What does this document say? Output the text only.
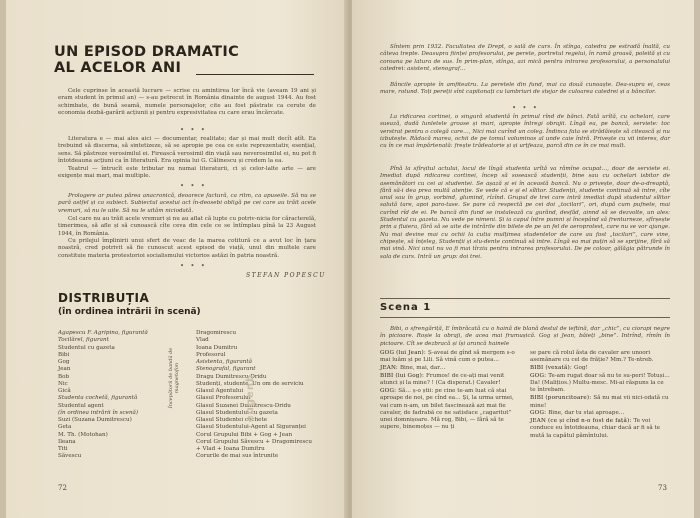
UN EPISOD DRAMATIC
AL ACELOR ANI
Cele cuprinse în această lucrare — scrise cu amintirea lor încă vie (aveam 19 ani și eram student în primul an) — s-au petrecut în România dinainte de august 1944. Au fost schimbate, de bună seamă, numele personajelor, cite au fost păstrate ca cerute de economia dezbă-garării acțiunii și pentru expresivitatea cu care erau încărcate.
• • •
Literatura e — mai ales aici — documentar, realitate; dar și mai mult decît atît. Ea trebuind să discerna, să sintetizeze, să se apropie pe cea ce este reprezentativ, esențial, sens. Să păstreze verosimilul ei. Firească verosimil din viață sau neverosimilul ei, nu pot fi întotdeauna acțiuni ca în literatură. Era opinia lui G. Călinescu și credem la ea.
Teatrul — întrucît este tributar nu numai literaturii, ci și celor-lalte arte — are exigențe mai mari, mai multiple.
• • •
Prologere ar putea părea anacronică, deoarece factură, ca ritm, ca apuseile. Să nu se pară astfel și ca subiect. Subiectul acestui act în-deosebi obligă pe cei care au trăit acele vremuri, să nu le uite. Să nu le uităm niciodată.
Cel care nu au trăit acele vremuri și nu au aflat că lupte cu potriv-nicia for căracterelă, timerimea, să afle și să cunoască cîte ceva din cele ce se întîmplau pînă la 23 August 1944, în România.
Cu prilejul împlinirii unui sfert de veac de la marea cotitură ce a avut loc în țara noastră, cred potrivit să fie cunoscut acest episod de viață, unul din multele care constituie materia protestorioi socialismului victorios astăzi în patria noastră.
• • •
STEFAN POPESCU
DISTRIBUȚIA
(în ordinea intrării în scenă)
Agapescu F. Agripina, figurantă
Tocilărel, figurant
Studentul cu gazeta
Bibi
Gog
Jean
Bob
Nic
Gică
Studenta cochetă, figurantă
Studentul agent
(în ordinea intrării în scenă)
Suzi (Suzana Dumitrescu)
Geta
M. Th. (Motohan)
Ileana
Titi
Săvescu
Începătorii de bandă de magnetofon
Dragomirescu
Vlad
Ioana Dumitru
Profesorul
Asistenta, figurantă
Stenografal, figurant
Dragu Dumitrescu-Dridu
Studenți, studente. Un om de serviciu
Glasul Agentului
Glasul Profesorului
Glasul Suzanei Dumitrescu-Dridu
Glasul Studentului cu gazeta
Glasul Studentei cochete
Glasul Studentului-Agent al Siguranței
Corul Grupului Bibi + Gog + Jean
Corul Grupului Săvescu + Dragomirescu
+ Vlad + Ioana Dumitru
Corurile de mai sus întrunite
eugenb
72
Sîntem prin 1932. Facultatea de Drept, o sală de curs. În stînga, catedra pe estradă înaltă, cu câteva trepte. Deasupra ființei profesorului, pe perete, portretul regelui, în ramă groasă, poleită și cu coroana pe latura de sus. În prim-plan, stînga, azi mică pentru intrarea profesorului, a personalului catedrei: asistent, stenograf…
Băncile apropie în amfiteatru. La peretele din fund, mai ca două cunoaște. Dea-supra ei, ceas mare, rotund. Toți pereții sînt capitonați cu lambriuri de stejar de culoarea catedrei și a băncilor.
• • •
La ridicarea cortinei, o singură studentă în primul rînd de bănci. Fată urîtă, cu ochelari, care suează, dudă lunletele groase și mari, apropie întregi obrajii. Lîngă ea, pe bancă, serviete: toc verstrat pentru o colegă care…, Nici mai curînd un coleg. Îndinca fata se strădăiește să citească și nu izbutește. Rădacă marea, ochii de pe tomul voluminos al unde caie întră. Privește cu vii interes, dar cu în ce mai împărtenată: frește trădeatorie și și urțfeaza, parcă din ce în ce mai mult.
Pînă la sfîrșitul actului, locul de lîngă studenta urîtă va rămîne ocupat…, doar de serviete ei. Imediat după ridicarea cortinei, încep să sosească studenții, bine sau cu ochelari isbitor de asemănători cu cei ai studentei. Se așază și ei în această bancă. Nu o privește, doar de-a-dreaptă, fără să-i dea prea multă atenție. Se vede că e și el sîlitor. Studenții, studente continuă să intre, cîte unul sau în grup, vorbind, glumind, rîzînd. Grupul de trei care intră imediat după studentul sîlitor salută tare, apoi paro-tase. Se pare că respectă pe cei doi „tocilari”, ori, după cum pufnete, mai curînd rîd de ei. Pe bancă din fund se instalează cu gurănd, desfăd, ainnd să se dezvolte, un ales: Studentul cu gazeta. Nu vede pe nimeni. Și ia capul între pumni și începând să frenturneze, sfîrșește prin a fluiera, fără să se uite de intrările din bilete de pe un fel de aeroprotest, care nu se vor ajunge. Nu mai devine mai cu ochii la cutia mulțimea studentelor de care au fost „tocilari”, care vine, chipește, să înțeleg, Studenții și stu-dente continuă să intre. Lîngă ea mai puțin să se sprijine, fără să mai vină. Nici unul nu va fi mai tîrziu pentru intrarea profesorului. De pe coloar, gălăgia pătrunde în sala de curs. Intră un grup: doi trei.
Scena 1
Bibi, o sfrengăriță, E îmbrăcată cu o haină de blană destul de ieftină, dar „chic”, cu ciorapi negre în picioare. Roșie la obraji, de acea mai frumușică. Gog și Jean, băieți „bine”. Intrînd, rîmîn în picioare. Cît se dezbracă și își aruncă hainele
GOG (lui Jean): Ș-aveai de gînd să mergem s-o mai luăm și pe Lili. Să vină cum o putea…
JEAN: Bine, mai, dar…
BIBI (lui Gog): Frumos! de ce-ați mai venit atunci și la mine? ! (Ca disperat.) Cavaler!
GOG: Să… ș-o știi: pe cine te-am luat că stai aproape de noi, pe cînd ea… Și, la urma urmei, vai cum n-am, un bilet fascinează azi mai fie cavaler, de fadrabă ce ne satisface „cagaritut” unei domnișoare. Mă rog, Bibi, — fără să te supere, binemoțes — nu ți
se pare că rolul ăsta de cavaler are unoori asemănare cu cel de frăție? Mm.? Te-ntreb.
BIBI (vexată): Gog!
GOG: Te-am rugat doar să nu te su-peri! Totuși… Da! (Malițios.) Multu-mesc. Mi-ai răspuns la ce te întrebam.
BIBI (poruncitoare): Să nu mai vii nici-odată cu mine!
GOG: Bine, dar tu stai aproape…
JEAN (ce și cînd n-o fost de față): Te voi conduce eu întotdeauna, chiar dacă ar fi să te mută la capătul pămîntului.
73
